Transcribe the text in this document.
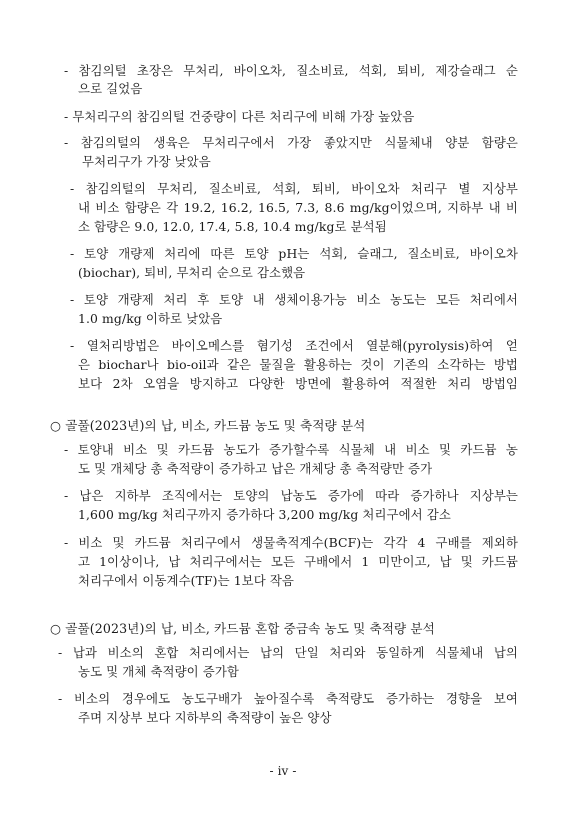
- 참김의털 초장은 무처리, 바이오차, 질소비료, 석회, 퇴비, 제강슬래그 순
으로 길었음
- 무처리구의 참김의털 건중량이 다른 처리구에 비해 가장 높았음
- 참김의털의 생육은 무처리구에서 가장 좋았지만 식물체내 양분 함량은
무처리구가 가장 낮았음
- 참김의털의 무처리, 질소비료, 석회, 퇴비, 바이오차 처리구 별 지상부
내 비소 함량은 각 19.2, 16.2, 16.5, 7.3, 8.6 mg/kg이었으며, 지하부 내 비
소 함량은 9.0, 12.0, 17.4, 5.8, 10.4 mg/kg로 분석됨
- 토양 개량제 처리에 따른 토양 pH는 석회, 슬래그, 질소비료, 바이오차
(biochar), 퇴비, 무처리 순으로 감소했음
- 토양 개량제 처리 후 토양 내 생체이용가능 비소 농도는 모든 처리에서
1.0 mg/kg 이하로 낮았음
- 열처리방법은 바이오메스를 혐기성 조건에서 열분해(pyrolysis)하여 얻
은 biochar나 bio-oil과 같은 물질을 활용하는 것이 기존의 소각하는 방법
보다 2차 오염을 방지하고 다양한 방면에 활용하여 적절한 처리 방법임
○ 골풀(2023년)의 납, 비소, 카드뮴 농도 및 축적량 분석
- 토양내 비소 및 카드뮴 농도가 증가할수록 식물체 내 비소 및 카드뮴 농
도 및 개체당 총 축적량이 증가하고 납은 개체당 총 축적량만 증가
- 납은 지하부 조직에서는 토양의 납농도 증가에 따라 증가하나 지상부는
1,600 mg/kg 처리구까지 증가하다 3,200 mg/kg 처리구에서 감소
- 비소 및 카드뮴 처리구에서 생물축적계수(BCF)는 각각 4 구배를 제외하
고 1이상이나, 납 처리구에서는 모든 구배에서 1 미만이고, 납 및 카드뮴
처리구에서 이동계수(TF)는 1보다 작음
○ 골풀(2023년)의 납, 비소, 카드뮴 혼합 중금속 농도 및 축적량 분석
- 납과 비소의 혼합 처리에서는 납의 단일 처리와 동일하게 식물체내 납의
농도 및 개체 축적량이 증가함
- 비소의 경우에도 농도구배가 높아질수록 축적량도 증가하는 경향을 보여
주며 지상부 보다 지하부의 축적량이 높은 양상
- iv -
